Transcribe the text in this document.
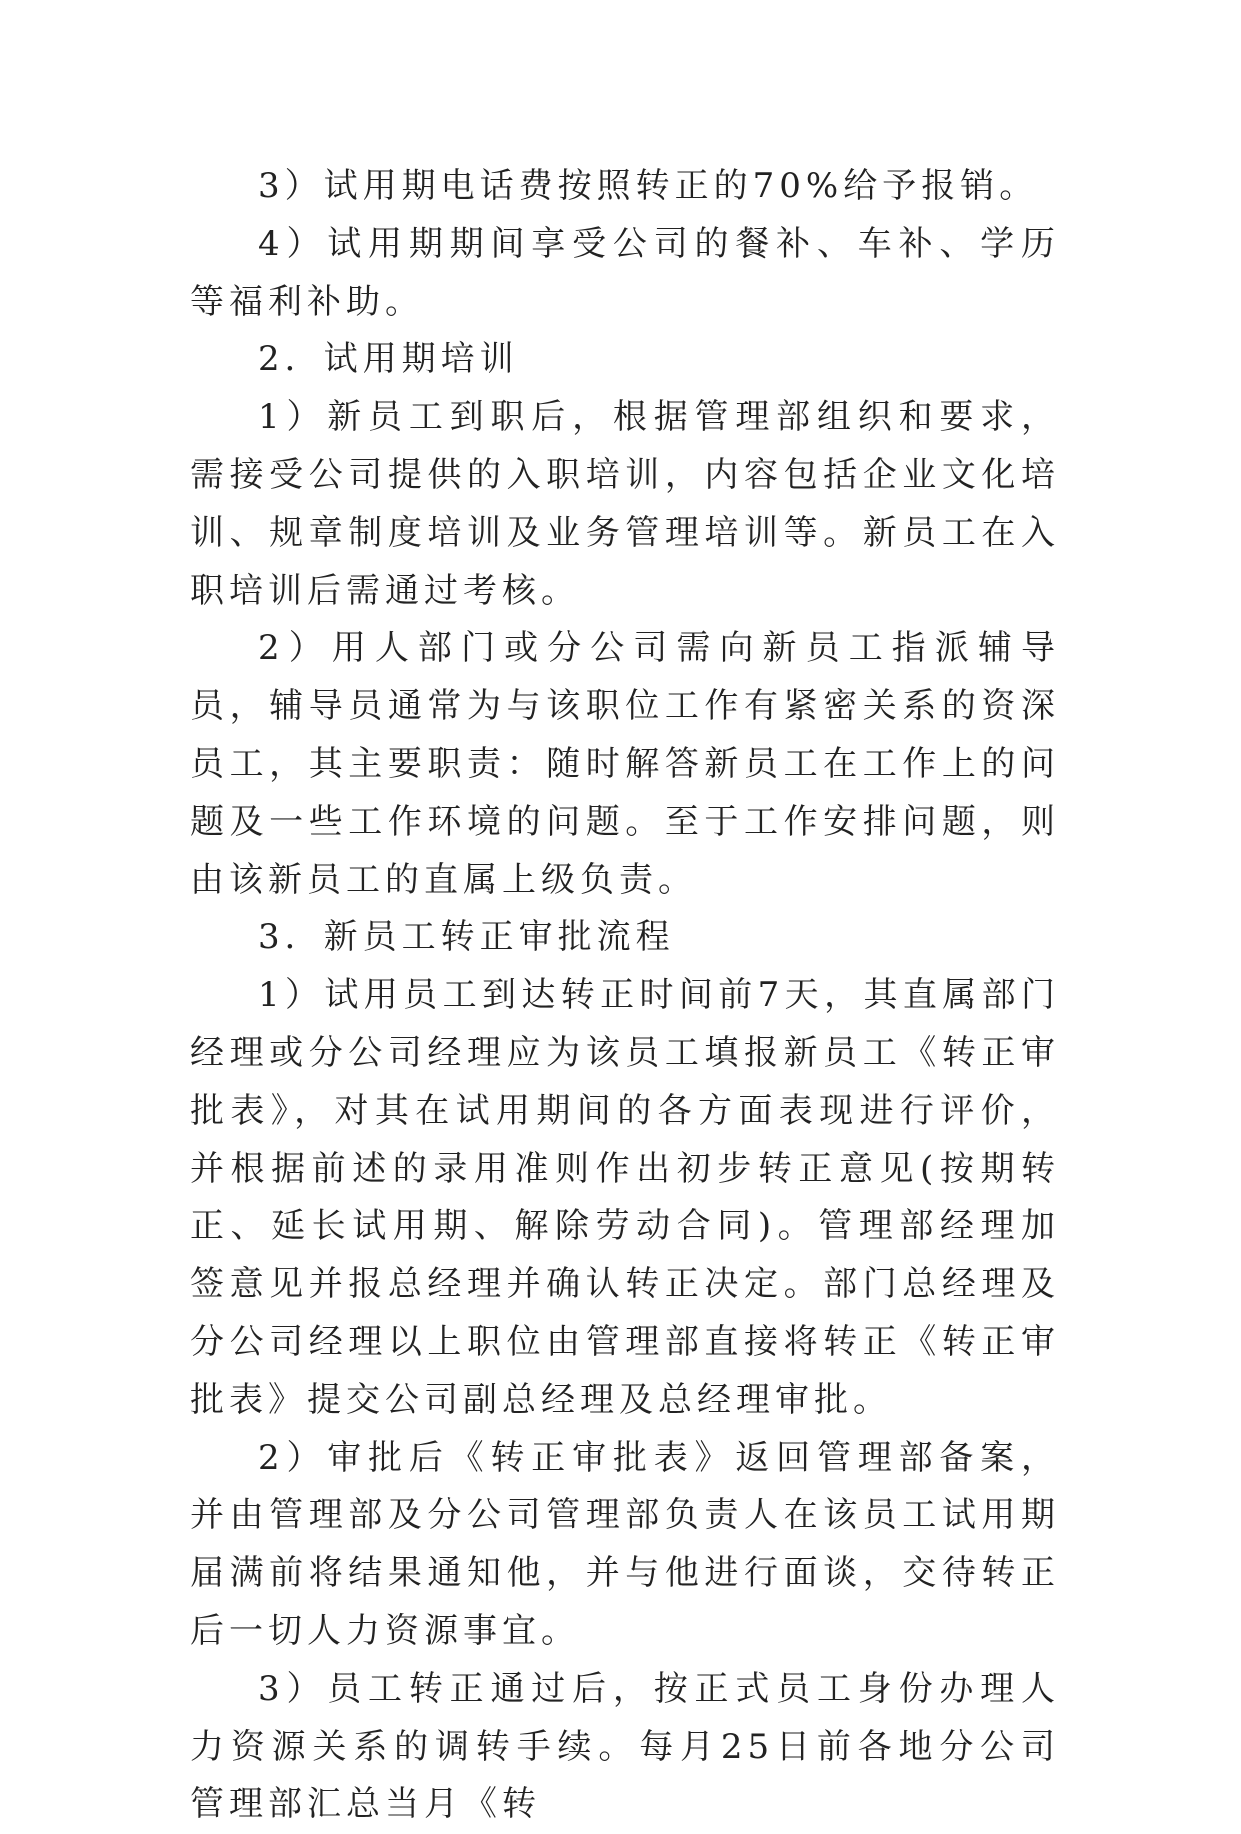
3）试用期电话费按照转正的70%给予报销。

4）试用期期间享受公司的餐补、车补、学历等福利补助。

2．试用期培训

1）新员工到职后，根据管理部组织和要求，需接受公司提供的入职培训，内容包括企业文化培训、规章制度培训及业务管理培训等。新员工在入职培训后需通过考核。

2）用人部门或分公司需向新员工指派辅导员，辅导员通常为与该职位工作有紧密关系的资深员工，其主要职责：随时解答新员工在工作上的问题及一些工作环境的问题。至于工作安排问题，则由该新员工的直属上级负责。

3．新员工转正审批流程

1）试用员工到达转正时间前7天，其直属部门经理或分公司经理应为该员工填报新员工《转正审批表》，对其在试用期间的各方面表现进行评价，并根据前述的录用准则作出初步转正意见(按期转正、延长试用期、解除劳动合同)。管理部经理加签意见并报总经理并确认转正决定。部门总经理及分公司经理以上职位由管理部直接将转正《转正审批表》提交公司副总经理及总经理审批。

2）审批后《转正审批表》返回管理部备案，并由管理部及分公司管理部负责人在该员工试用期届满前将结果通知他，并与他进行面谈，交待转正后一切人力资源事宜。

3）员工转正通过后，按正式员工身份办理人力资源关系的调转手续。每月25日前各地分公司管理部汇总当月《转
